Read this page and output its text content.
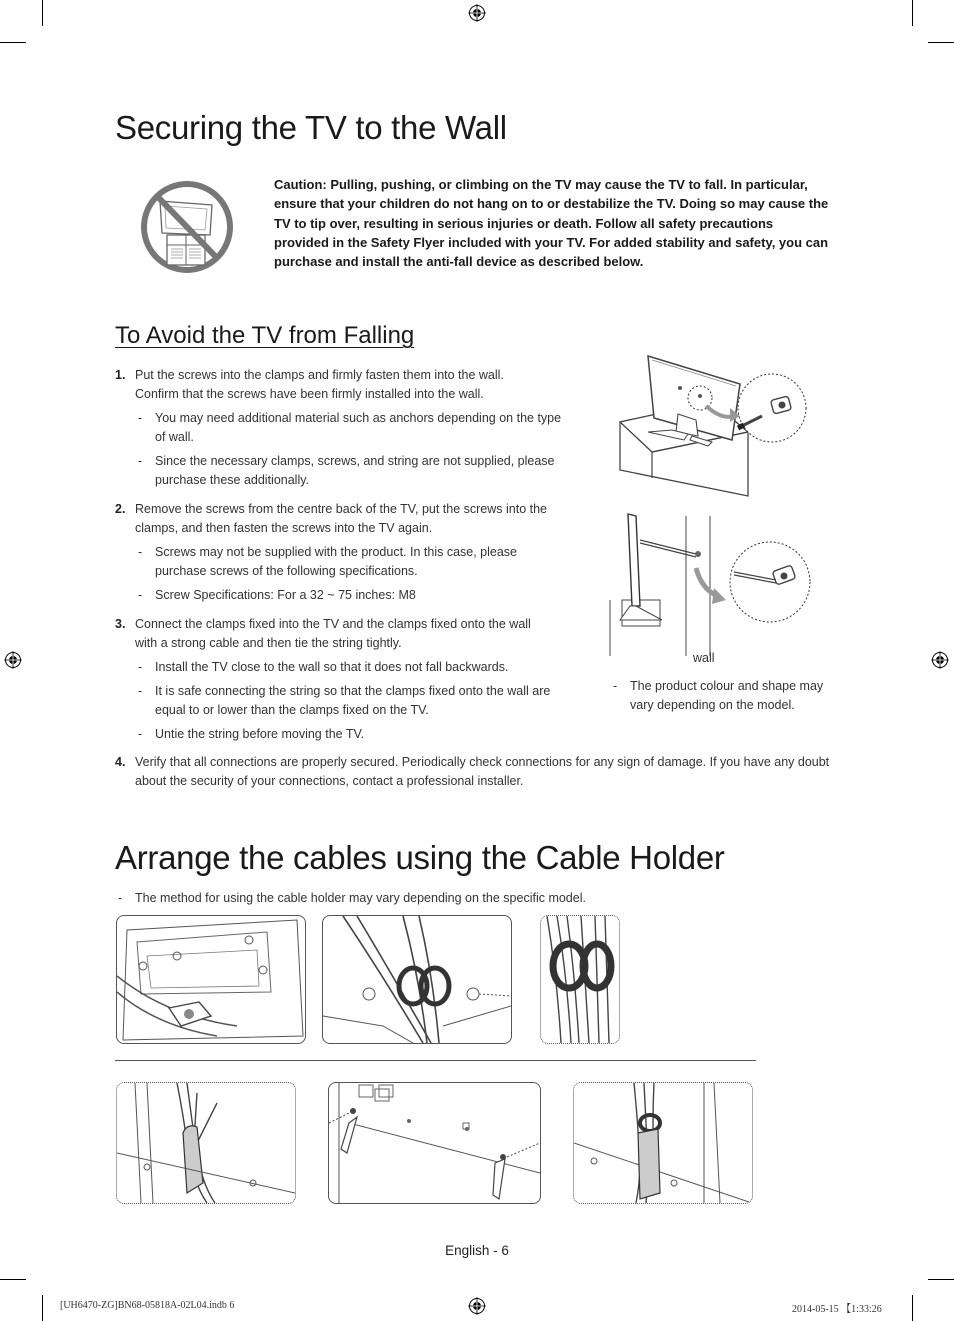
Securing the TV to the Wall
Caution: Pulling, pushing, or climbing on the TV may cause the TV to fall. In particular, ensure that your children do not hang on to or destabilize the TV. Doing so may cause the TV to tip over, resulting in serious injuries or death. Follow all safety precautions provided in the Safety Flyer included with your TV. For added stability and safety, you can purchase and install the anti-fall device as described below.
To Avoid the TV from Falling
1. Put the screws into the clamps and firmly fasten them into the wall. Confirm that the screws have been firmly installed into the wall.
- You may need additional material such as anchors depending on the type of wall.
- Since the necessary clamps, screws, and string are not supplied, please purchase these additionally.
2. Remove the screws from the centre back of the TV, put the screws into the clamps, and then fasten the screws into the TV again.
- Screws may not be supplied with the product. In this case, please purchase screws of the following specifications.
- Screw Specifications: For a 32 ~ 75 inches: M8
3. Connect the clamps fixed into the TV and the clamps fixed onto the wall with a strong cable and then tie the string tightly.
- Install the TV close to the wall so that it does not fall backwards.
- It is safe connecting the string so that the clamps fixed onto the wall are equal to or lower than the clamps fixed on the TV.
- Untie the string before moving the TV.
4. Verify that all connections are properly secured. Periodically check connections for any sign of damage. If you have any doubt about the security of your connections, contact a professional installer.
wall
- The product colour and shape may vary depending on the model.
Arrange the cables using the Cable Holder
- The method for using the cable holder may vary depending on the specific model.
English - 6
[UH6470-ZG]BN68-05818A-02L04.indb 6	2014-05-15 【1:33:26
